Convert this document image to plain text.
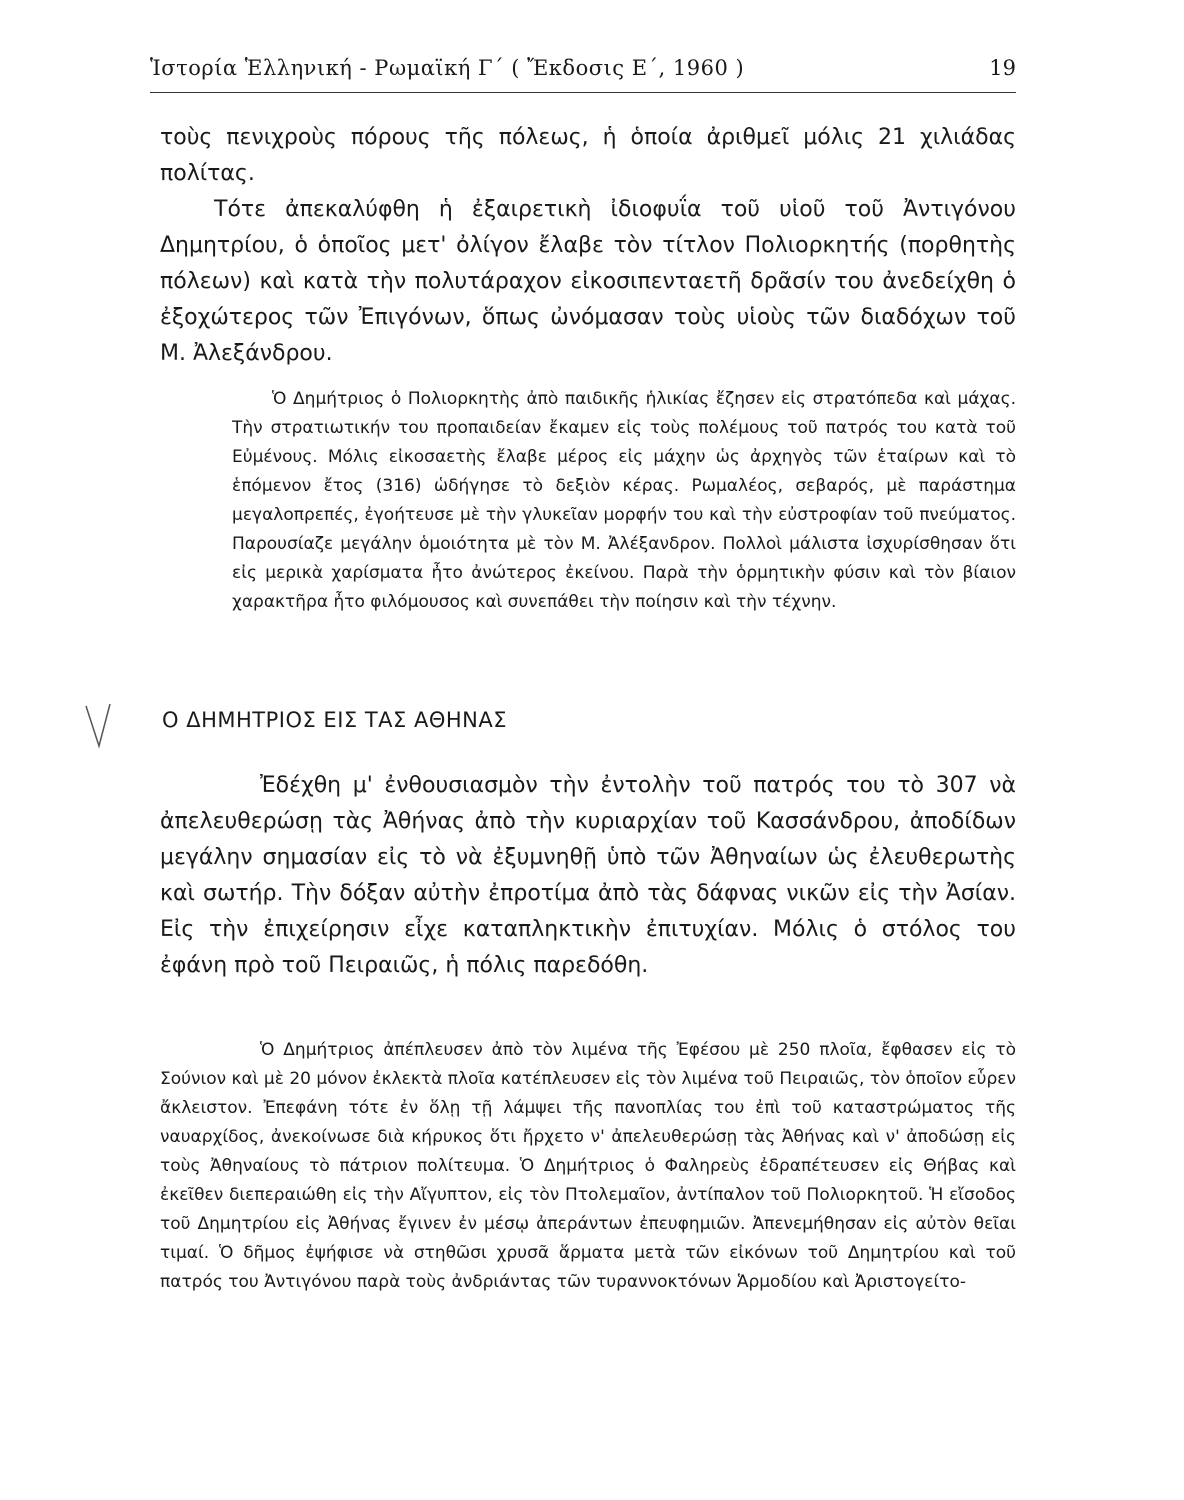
Ἱστορία Ἑλληνική - Ρωμαϊκή Γ΄ ( Ἔκδοσις Ε΄, 1960 )	19

τοὺς πενιχροὺς πόρους τῆς πόλεως, ἡ ὁποία ἀριθμεῖ μόλις 21 χιλιάδας πολίτας.

Τότε ἀπεκαλύφθη ἡ ἐξαιρετικὴ ἰδιοφυΐα τοῦ υἱοῦ τοῦ Ἀντιγόνου Δημητρίου, ὁ ὁποῖος μετ' ὀλίγον ἔλαβε τὸν τίτλον Πολιορκητής (πορθητὴς πόλεων) καὶ κατὰ τὴν πολυτάραχον εἰκοσιπενταετῆ δρᾶσίν του ἀνεδείχθη ὁ ἐξοχώτερος τῶν Ἐπιγόνων, ὅπως ὠνόμασαν τοὺς υἱοὺς τῶν διαδόχων τοῦ Μ. Ἀλεξάνδρου.

Ὁ Δημήτριος ὁ Πολιορκητὴς ἀπὸ παιδικῆς ἡλικίας ἔζησεν εἰς στρατόπεδα καὶ μάχας. Τὴν στρατιωτικήν του προπαιδείαν ἔκαμεν εἰς τοὺς πολέμους τοῦ πατρός του κατὰ τοῦ Εὐμένους. Μόλις εἰκοσαετὴς ἔλαβε μέρος εἰς μάχην ὡς ἀρχηγὸς τῶν ἑταίρων καὶ τὸ ἑπόμενον ἔτος (316) ὡδήγησε τὸ δεξιὸν κέρας. Ρωμαλέος, σεβαρός, μὲ παράστημα μεγαλοπρεπές, ἐγοήτευσε μὲ τὴν γλυκεῖαν μορφήν του καὶ τὴν εὐστροφίαν τοῦ πνεύματος. Παρουσίαζε μεγάλην ὁμοιότητα μὲ τὸν Μ. Ἀλέξανδρον. Πολλοὶ μάλιστα ἰσχυρίσθησαν ὅτι εἰς μερικὰ χαρίσματα ἦτο ἀνώτερος ἐκείνου. Παρὰ τὴν ὁρμητικὴν φύσιν καὶ τὸν βίαιον χαρακτῆρα ἦτο φιλόμουσος καὶ συνεπάθει τὴν ποίησιν καὶ τὴν τέχνην.

Ο ΔΗΜΗΤΡΙΟΣ ΕΙΣ ΤΑΣ ΑΘΗΝΑΣ

Ἐδέχθη μ' ἐνθουσιασμὸν τὴν ἐντολὴν τοῦ πατρός του τὸ 307 νὰ ἀπελευθερώσῃ τὰς Ἀθήνας ἀπὸ τὴν κυριαρχίαν τοῦ Κασσάνδρου, ἀποδίδων μεγάλην σημασίαν εἰς τὸ νὰ ἐξυμνηθῇ ὑπὸ τῶν Ἀθηναίων ὡς ἐλευθερωτὴς καὶ σωτήρ. Τὴν δόξαν αὐτὴν ἐπροτίμα ἀπὸ τὰς δάφνας νικῶν εἰς τὴν Ἀσίαν. Εἰς τὴν ἐπιχείρησιν εἶχε καταπληκτικὴν ἐπιτυχίαν. Μόλις ὁ στόλος του ἐφάνη πρὸ τοῦ Πειραιῶς, ἡ πόλις παρεδόθη.

Ὁ Δημήτριος ἀπέπλευσεν ἀπὸ τὸν λιμένα τῆς Ἐφέσου μὲ 250 πλοῖα, ἔφθασεν εἰς τὸ Σούνιον καὶ μὲ 20 μόνον ἐκλεκτὰ πλοῖα κατέπλευσεν εἰς τὸν λιμένα τοῦ Πειραιῶς, τὸν ὁποῖον εὗρεν ἄκλειστον. Ἐπεφάνη τότε ἐν ὅλῃ τῇ λάμψει τῆς πανοπλίας του ἐπὶ τοῦ καταστρώματος τῆς ναυαρχίδος, ἀνεκοίνωσε διὰ κήρυκος ὅτι ἤρχετο ν' ἀπελευθερώσῃ τὰς Ἀθήνας καὶ ν' ἀποδώσῃ εἰς τοὺς Ἀθηναίους τὸ πάτριον πολίτευμα. Ὁ Δημήτριος ὁ Φαληρεὺς ἐδραπέτευσεν εἰς Θήβας καὶ ἐκεῖθεν διεπεραιώθη εἰς τὴν Αἴγυπτον, εἰς τὸν Πτολεμαῖον, ἀντίπαλον τοῦ Πολιορκητοῦ. Ἡ εἴσοδος τοῦ Δημητρίου εἰς Ἀθήνας ἔγινεν ἐν μέσῳ ἀπεράντων ἐπευφημιῶν. Ἀπενεμήθησαν εἰς αὐτὸν θεῖαι τιμαί. Ὁ δῆμος ἐψήφισε νὰ στηθῶσι χρυσᾶ ἅρματα μετὰ τῶν εἰκόνων τοῦ Δημητρίου καὶ τοῦ πατρός του Ἀντιγόνου παρὰ τοὺς ἀνδριάντας τῶν τυραννοκτόνων Ἁρμοδίου καὶ Ἀριστογείτο-
